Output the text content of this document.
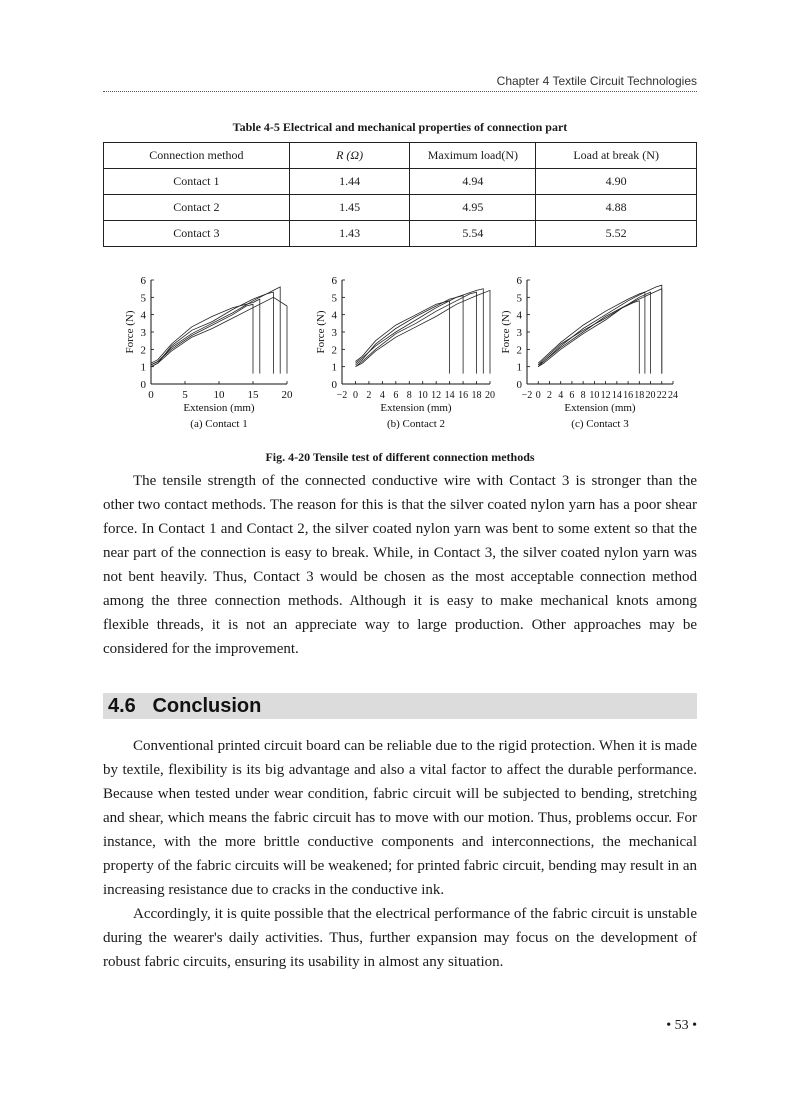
Chapter 4 Textile Circuit Technologies
Table 4-5 Electrical and mechanical properties of connection part
Connection method	R (Ω)	Maximum load(N)	Load at break (N)
Contact 1	1.44	4.94	4.90
Contact 2	1.45	4.95	4.88
Contact 3	1.43	5.54	5.52
0
1
2
3
4
5
6
0	5 10 15 20
Extension (mm)
Force (N)
(a) Contact 1
0
1
2
3
4
5
6
−2 0 2 4 6 8 10 12 14 16 18 20
Extension (mm)
Force (N)
(b) Contact 2
0
1
2
3
4
5
6
−2 0 2 4 6 8 10 12 14 16 18 20 22 24
Extension (mm)
Force (N)
(c) Contact 3
Fig. 4-20 Tensile test of different connection methods

The tensile strength of the connected conductive wire with Contact 3 is stronger than the other two contact methods. The reason for this is that the silver coated nylon yarn has a poor shear force. In Contact 1 and Contact 2, the silver coated nylon yarn was bent to some extent so that the near part of the connection is easy to break. While, in Contact 3, the silver coated nylon yarn was not bent heavily. Thus, Contact 3 would be chosen as the most acceptable connection method among the three connection methods. Although it is easy to make mechanical knots among flexible threads, it is not an appreciate way to large production. Other approaches may be considered for the improvement.

4.6   Conclusion

Conventional printed circuit board can be reliable due to the rigid protection. When it is made by textile, flexibility is its big advantage and also a vital factor to affect the durable performance. Because when tested under wear condition, fabric circuit will be subjected to bending, stretching and shear, which means the fabric circuit has to move with our motion. Thus, problems occur. For instance, with the more brittle conductive components and interconnections, the mechanical property of the fabric circuits will be weakened; for printed fabric circuit, bending may result in an increasing resistance due to cracks in the conductive ink.

Accordingly, it is quite possible that the electrical performance of the fabric circuit is unstable during the wearer's daily activities. Thus, further expansion may focus on the development of robust fabric circuits, ensuring its usability in almost any situation.

• 53 •
